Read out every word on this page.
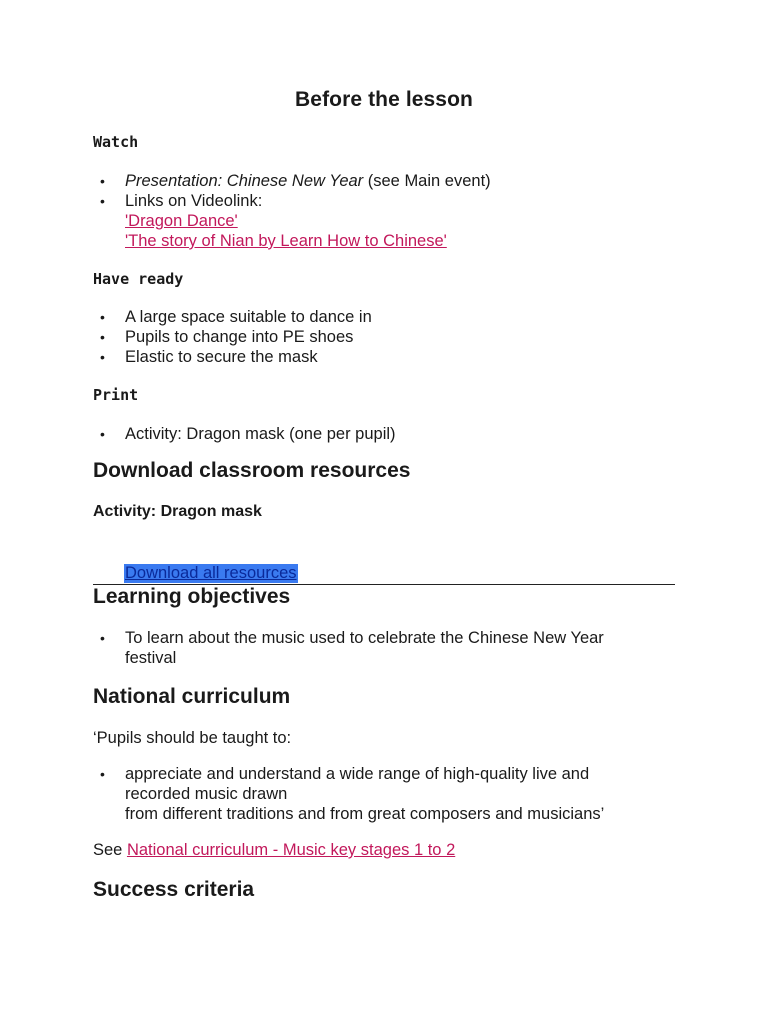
Before the lesson
Watch
• Presentation: Chinese New Year (see Main event)
• Links on Videolink:
'Dragon Dance'
'The story of Nian by Learn How to Chinese'
Have ready
• A large space suitable to dance in
• Pupils to change into PE shoes
• Elastic to secure the mask
Print
• Activity: Dragon mask (one per pupil)
Download classroom resources
Activity: Dragon mask
Download all resources
Learning objectives
• To learn about the music used to celebrate the Chinese New Year festival
National curriculum
‘Pupils should be taught to:
• appreciate and understand a wide range of high-quality live and recorded music drawn
from different traditions and from great composers and musicians’
See National curriculum - Music key stages 1 to 2
Success criteria
